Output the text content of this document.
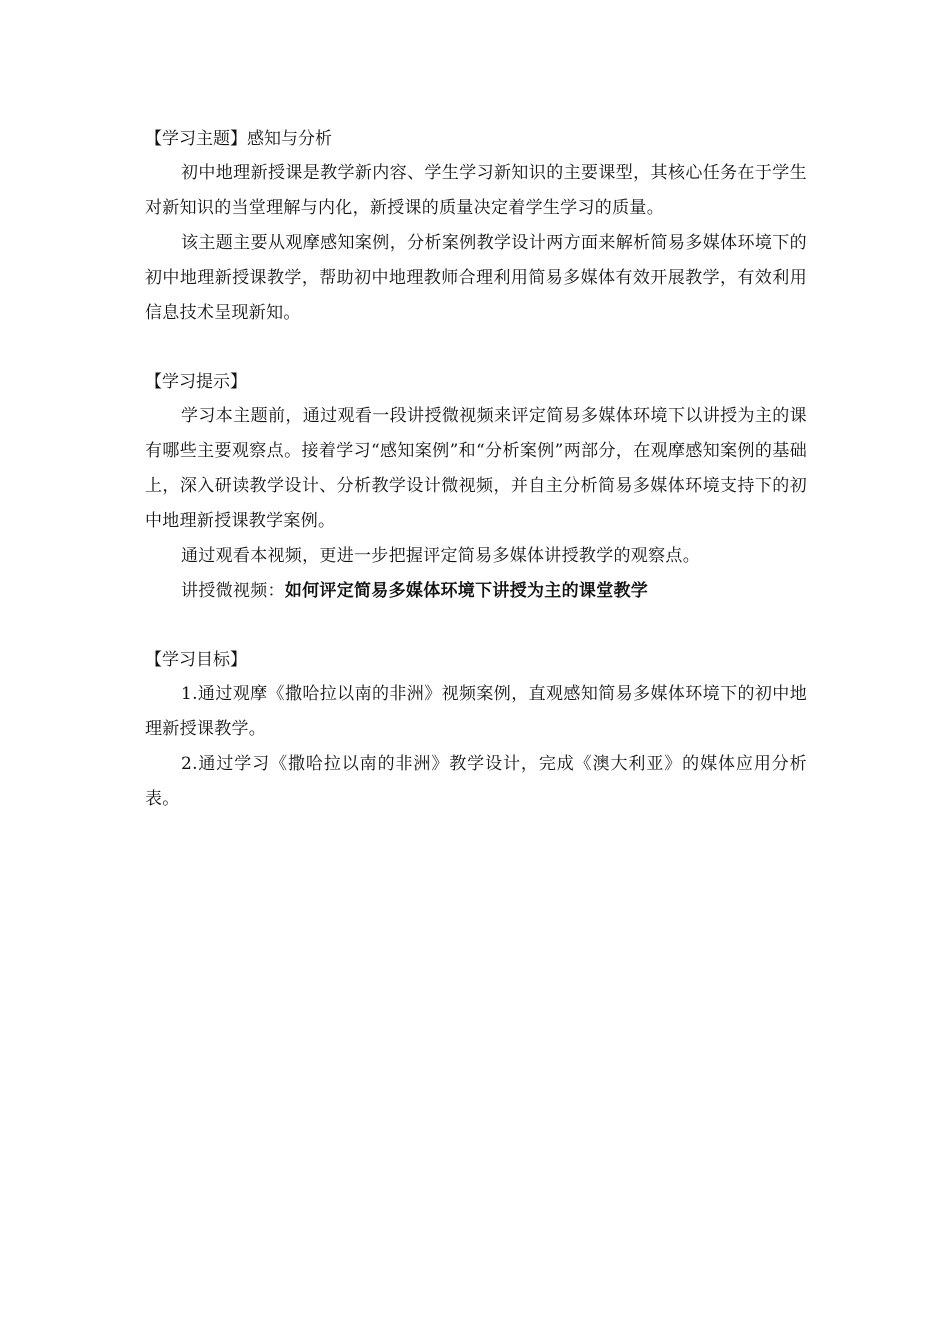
【学习主题】感知与分析

初中地理新授课是教学新内容、学生学习新知识的主要课型，其核心任务在于学生对新知识的当堂理解与内化，新授课的质量决定着学生学习的质量。

该主题主要从观摩感知案例，分析案例教学设计两方面来解析简易多媒体环境下的初中地理新授课教学，帮助初中地理教师合理利用简易多媒体有效开展教学，有效利用信息技术呈现新知。

【学习提示】

学习本主题前，通过观看一段讲授微视频来评定简易多媒体环境下以讲授为主的课有哪些主要观察点。接着学习“感知案例”和“分析案例”两部分，在观摩感知案例的基础上，深入研读教学设计、分析教学设计微视频，并自主分析简易多媒体环境支持下的初中地理新授课教学案例。

通过观看本视频，更进一步把握评定简易多媒体讲授教学的观察点。

讲授微视频：如何评定简易多媒体环境下讲授为主的课堂教学

【学习目标】

1.通过观摩《撒哈拉以南的非洲》视频案例，直观感知简易多媒体环境下的初中地理新授课教学。

2.通过学习《撒哈拉以南的非洲》教学设计，完成《澳大利亚》的媒体应用分析表。
